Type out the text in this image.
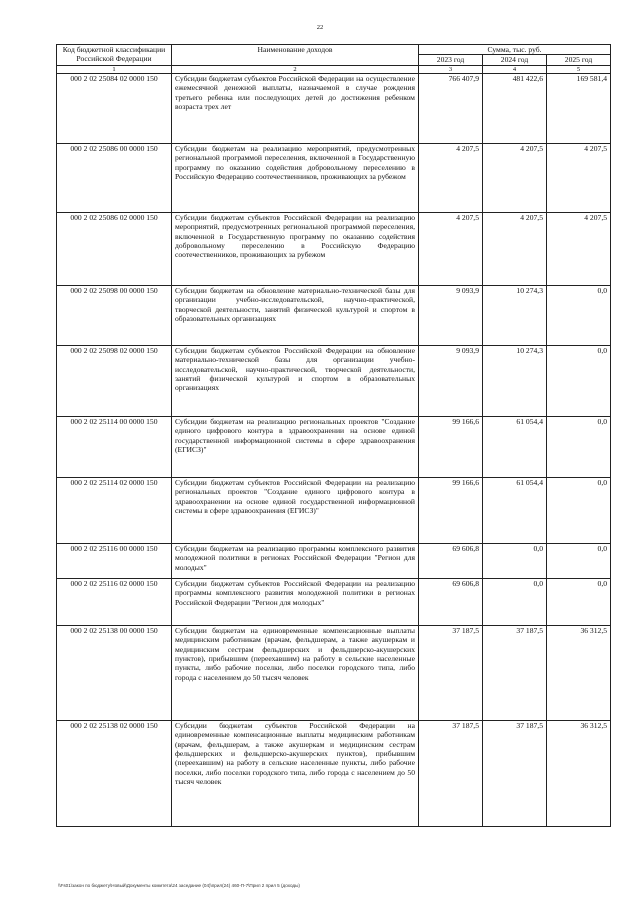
22
Код бюджетной классификации Российской Федерации	Наименование доходов	Сумма, тыс. руб.		
		2023 год	2024 год	2025 год
1	2	3	4	5
000 2 02 25084 02 0000 150	Субсидии бюджетам субъектов Российской Федерации на осуществление ежемесячной денежной выплаты, назначаемой в случае рождения третьего ребенка или последующих детей до достижения ребенком возраста трех лет	766 407,9	481 422,6	169 581,4
000 2 02 25086 00 0000 150	Субсидии бюджетам на реализацию мероприятий, предусмотренных региональной программой переселения, включенной в Государственную программу по оказанию содействия добровольному переселению в Российскую Федерацию соотечественников, проживающих за рубежом	4 207,5	4 207,5	4 207,5
000 2 02 25086 02 0000 150	Субсидии бюджетам субъектов Российской Федерации на реализацию мероприятий, предусмотренных региональной программой переселения, включенной в Государственную программу по оказанию содействия добровольному переселению в Российскую Федерацию соотечественников, проживающих за рубежом	4 207,5	4 207,5	4 207,5
000 2 02 25098 00 0000 150	Субсидии бюджетам на обновление материально-технической базы для организации учебно-исследовательской, научно-практической, творческой деятельности, занятий физической культурой и спортом в образовательных организациях	9 093,9	10 274,3	0,0
000 2 02 25098 02 0000 150	Субсидии бюджетам субъектов Российской Федерации на обновление материально-технической базы для организации учебно-исследовательской, научно-практической, творческой деятельности, занятий физической культурой и спортом в образовательных организациях	9 093,9	10 274,3	0,0
000 2 02 25114 00 0000 150	Субсидии бюджетам на реализацию региональных проектов "Создание единого цифрового контура в здравоохранении на основе единой государственной информационной системы в сфере здравоохранения (ЕГИСЗ)"	99 166,6	61 054,4	0,0
000 2 02 25114 02 0000 150	Субсидии бюджетам субъектов Российской Федерации на реализацию региональных проектов "Создание единого цифрового контура в здравоохранении на основе единой государственной информационной системы в сфере здравоохранения (ЕГИСЗ)"	99 166,6	61 054,4	0,0
000 2 02 25116 00 0000 150	Субсидии бюджетам на реализацию программы комплексного развития молодежной политики в регионах Российской Федерации "Регион для молодых"	69 606,8	0,0	0,0
000 2 02 25116 02 0000 150	Субсидии бюджетам субъектов Российской Федерации на реализацию программы комплексного развития молодежной политики в регионах Российской Федерации "Регион для молодых"	69 606,8	0,0	0,0
000 2 02 25138 00 0000 150	Субсидии бюджетам на единовременные компенсационные выплаты медицинским работникам (врачам, фельдшерам, а также акушеркам и медицинским сестрам фельдшерских и фельдшерско-акушерских пунктов), прибывшим (переехавшим) на работу в сельские населенные пункты, либо рабочие поселки, либо поселки городского типа, либо города с населением до 50 тысяч человек	37 187,5	37 187,5	36 312,5
000 2 02 25138 02 0000 150	Субсидии бюджетам субъектов Российской Федерации на единовременные компенсационные выплаты медицинским работникам (врачам, фельдшерам, а также акушеркам и медицинским сестрам фельдшерских и фельдшерско-акушерских пунктов), прибывшим (переехавшим) на работу в сельские населенные пункты, либо рабочие поселки, либо поселки городского типа, либо города с населением до 50 тысяч человек	37 187,5	37 187,5	36 312,5
\\Fs01\закон по бюджету\Новый\Документы комитета\24 заседание (04)\прил(24) 460-П-7\Прил 2 прил 5 (доходы)
